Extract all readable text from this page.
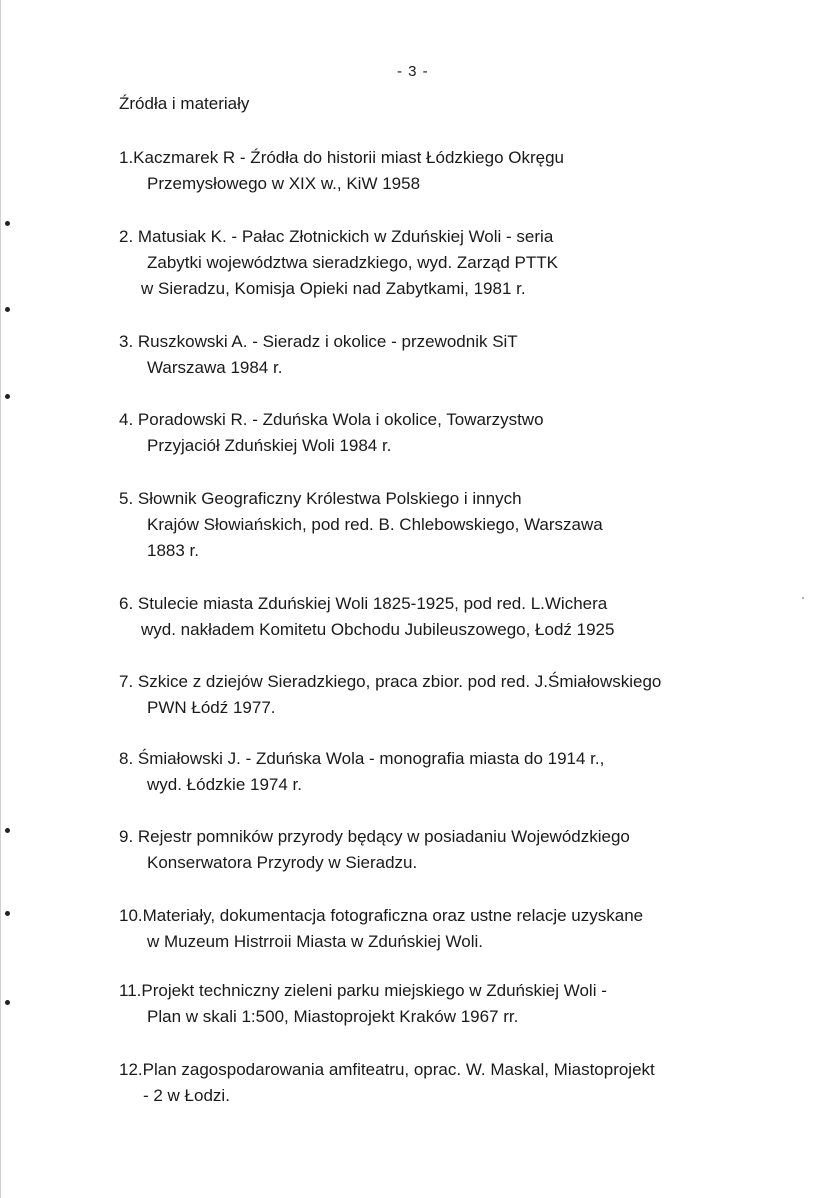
- 3 -
Źródła i materiały
1.Kaczmarek R - Źródła do historii miast Łódzkiego Okręgu
Przemysłowego w XIX w., KiW 1958
2. Matusiak K. - Pałac Złotnickich w Zduńskiej Woli - seria
Zabytki województwa sieradzkiego, wyd. Zarząd PTTK
w Sieradzu, Komisja Opieki nad Zabytkami, 1981 r.
3. Ruszkowski A. - Sieradz i okolice - przewodnik SiT
Warszawa 1984 r.
4. Poradowski R. - Zduńska Wola i okolice, Towarzystwo
Przyjaciół Zduńskiej Woli 1984 r.
5. Słownik Geograficzny Królestwa Polskiego i innych
Krajów Słowiańskich, pod red. B. Chlebowskiego, Warszawa
1883 r.
6. Stulecie miasta Zduńskiej Woli 1825-1925, pod red. L.Wichera
wyd. nakładem Komitetu Obchodu Jubileuszowego, Łodź 1925
7. Szkice z dziejów Sieradzkiego, praca zbior. pod red. J.Śmiałowskiego
PWN Łódź 1977.
8. Śmiałowski J. - Zduńska Wola - monografia miasta do 1914 r.,
wyd. Łódzkie 1974 r.
9. Rejestr pomników przyrody będący w posiadaniu Wojewódzkiego
Konserwatora Przyrody w Sieradzu.
10.Materiały, dokumentacja fotograficzna oraz ustne relacje uzyskane
w Muzeum Histrroii Miasta w Zduńskiej Woli.
11.Projekt techniczny zieleni parku miejskiego w Zduńskiej Woli -
Plan w skali 1:500, Miastoprojekt Kraków 1967 rr.
12.Plan zagospodarowania amfiteatru, oprac. W. Maskal, Miastoprojekt
- 2 w Łodzi.
